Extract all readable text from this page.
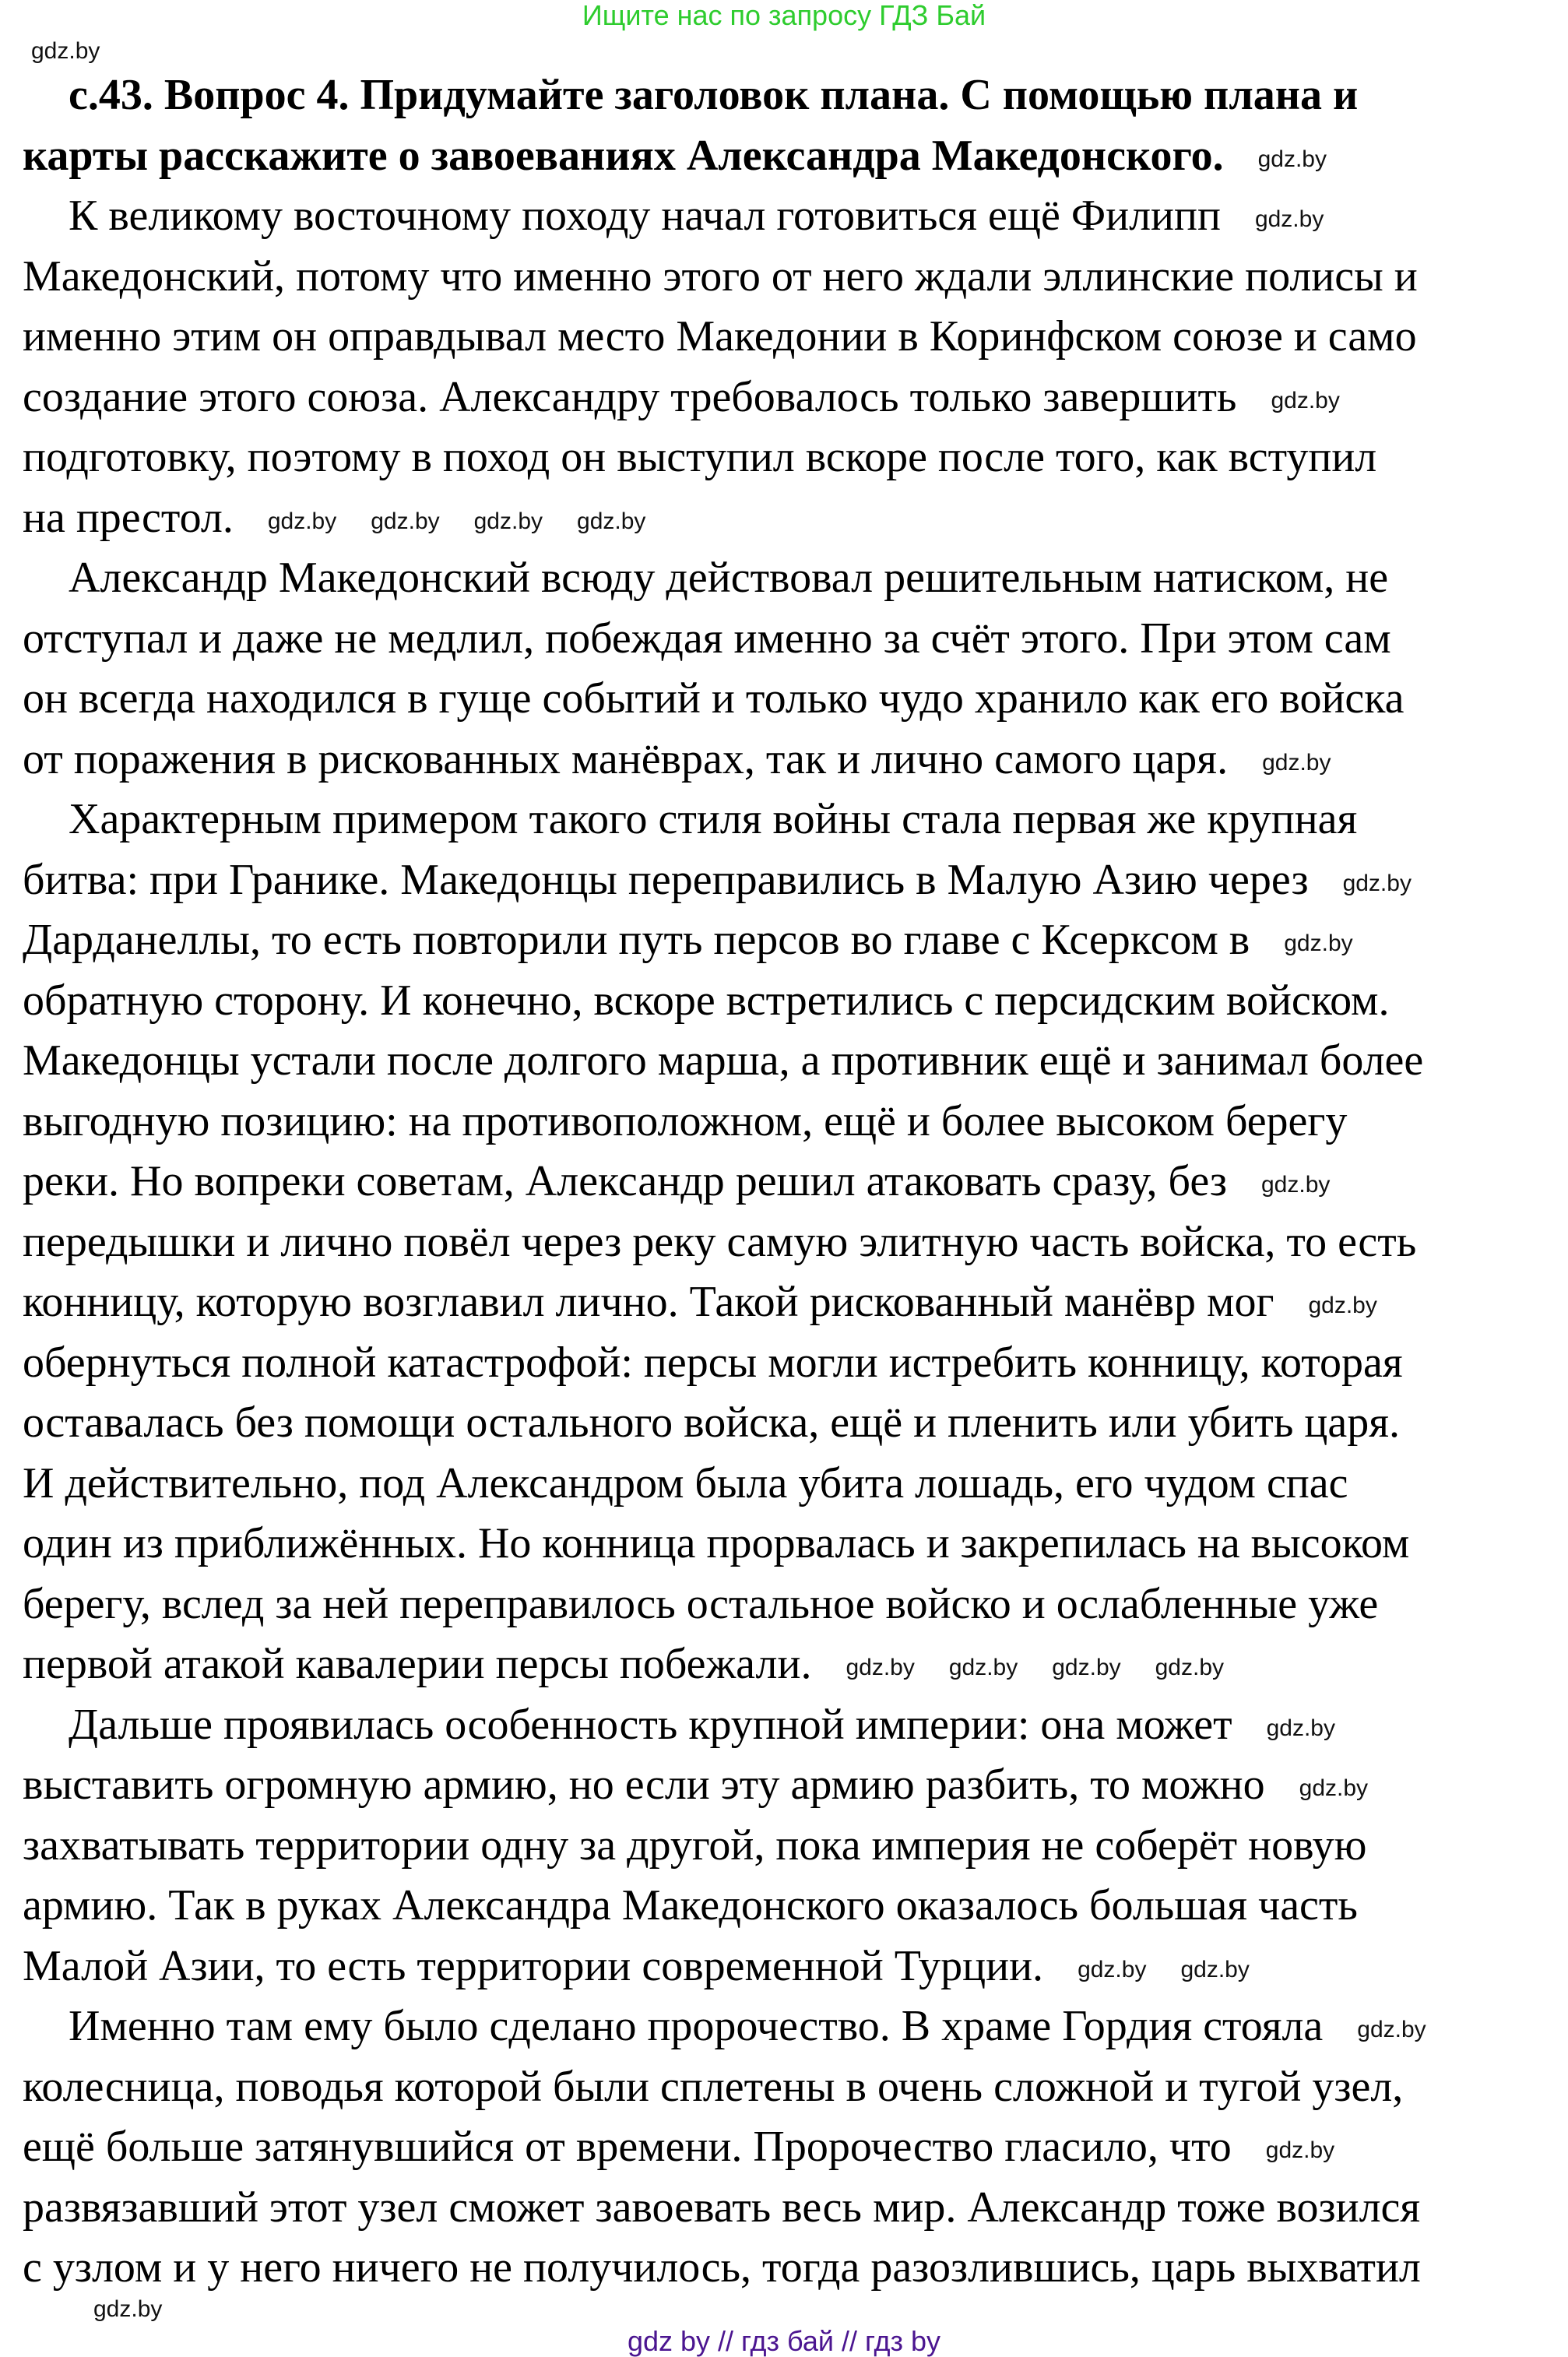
Ищите нас по запросу ГДЗ Бай
с.43. Вопрос 4. Придумайте заголовок плана. С помощью плана и
карты расскажите о завоеваниях Александра Македонского. gdz.by
К великому восточному походу начал готовиться ещё Филипп gdz.by
Македонский, потому что именно этого от него ждали эллинские полисы и
именно этим он оправдывал место Македонии в Коринфском союзе и само
создание этого союза. Александру требовалось только завершить gdz.by
подготовку, поэтому в поход он выступил вскоре после того, как вступил
на престол. gdz.by gdz.by gdz.by gdz.by
Александр Македонский всюду действовал решительным натиском, не
отступал и даже не медлил, побеждая именно за счёт этого. При этом сам
он всегда находился в гуще событий и только чудо хранило как его войска
от поражения в рискованных манёврах, так и лично самого царя. gdz.by
Характерным примером такого стиля войны стала первая же крупная
битва: при Гранике. Македонцы переправились в Малую Азию через gdz.by
Дарданеллы, то есть повторили путь персов во главе с Ксерксом в gdz.by
обратную сторону. И конечно, вскоре встретились с персидским войском.
Македонцы устали после долгого марша, а противник ещё и занимал более
выгодную позицию: на противоположном, ещё и более высоком берегу
реки. Но вопреки советам, Александр решил атаковать сразу, без gdz.by
передышки и лично повёл через реку самую элитную часть войска, то есть
конницу, которую возглавил лично. Такой рискованный манёвр мог gdz.by
обернуться полной катастрофой: персы могли истребить конницу, которая
оставалась без помощи остального войска, ещё и пленить или убить царя.
И действительно, под Александром была убита лошадь, его чудом спас
один из приближённых. Но конница прорвалась и закрепилась на высоком
берегу, вслед за ней переправилось остальное войско и ослабленные уже
первой атакой кавалерии персы побежали. gdz.by gdz.by gdz.by gdz.by
Дальше проявилась особенность крупной империи: она может gdz.by
выставить огромную армию, но если эту армию разбить, то можно gdz.by
захватывать территории одну за другой, пока империя не соберёт новую
армию. Так в руках Александра Македонского оказалось большая часть
Малой Азии, то есть территории современной Турции. gdz.by gdz.by
Именно там ему было сделано пророчество. В храме Гордия стояла gdz.by
колесница, поводья которой были сплетены в очень сложной и тугой узел,
ещё больше затянувшийся от времени. Пророчество гласило, что gdz.by
развязавший этот узел сможет завоевать весь мир. Александр тоже возился
с узлом и у него ничего не получилось, тогда разозлившись, царь выхватил
gdz.by
gdz.by
gdz by // гдз бай // гдз by
